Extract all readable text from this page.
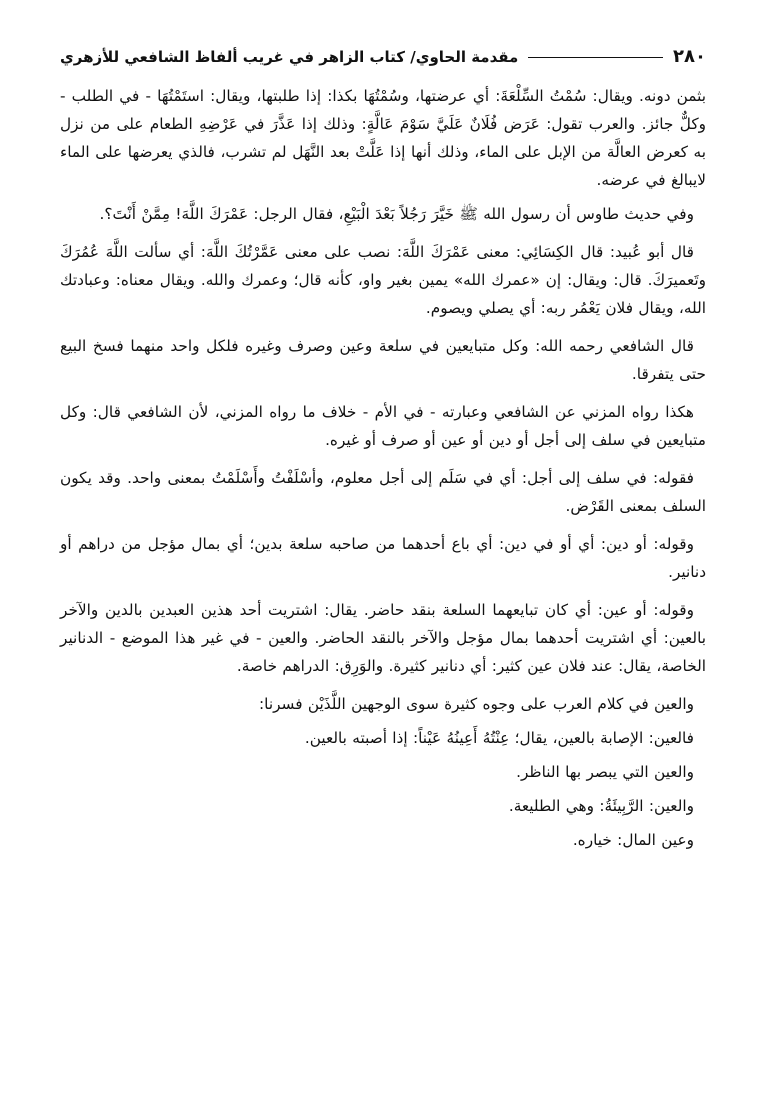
٢٨٠
مقدمة الحاوي/ كتاب الزاهر في غريب ألفاظ الشافعي للأزهري

بثمن دونه. ويقال: سُمْتُ السِّلْعَةَ: أي عرضتها، وسُمْتُهَا بكذا: إذا طلبتها، ويقال: استَمْتُهَا - في الطلب - وكلٌّ جائز. والعرب تقول: عَرَض فُلَانٌ عَلَيَّ سَوْمَ عَالَّةٍ: وذلك إذا عَذَّرَ في عَرْضِهِ الطعام على من نزل به كعرض العالَّة من الإبل على الماء، وذلك أنها إذا عَلَّتْ بعد النَّهَل لم تشرب، فالذي يعرضها على الماء لايبالغ في عرضه.

وفي حديث طاوس أن رسول الله ﷺ خَيَّرَ رَجُلاً بَعْدَ الْبَيْعِ، فقال الرجل: عَمْرَكَ اللَّهَ! مِمَّنْ أَنْتَ؟.

قال أبو عُبيد: قال الكِسَائِي: معنى عَمْرَكَ اللَّهَ: نصب على معنى عَمَّرْتُكَ اللَّهَ: أي سألت اللَّهَ عُمُرَكَ وتَعميرَكَ. قال: ويقال: إن «عمرك الله» يمين بغير واو، كأنه قال؛ وعمرك والله. ويقال معناه: وعبادتك الله، ويقال فلان يَعْمُر ربه: أي يصلي ويصوم.

قال الشافعي رحمه الله: وكل متبايعين في سلعة وعين وصرف وغيره فلكل واحد منهما فسخ البيع حتى يتفرقا.

هكذا رواه المزني عن الشافعي وعبارته - في الأم - خلاف ما رواه المزني، لأن الشافعي قال: وكل متبايعين في سلف إلى أجل أو دين أو عين أو صرف أو غيره.

فقوله: في سلف إلى أجل: أي في سَلَم إلى أجل معلوم، وأسْلَفْتُ وأَسْلَمْتُ بمعنى واحد. وقد يكون السلف بمعنى القَرْض.

وقوله: أو دين: أي أو في دين: أي باع أحدهما من صاحبه سلعة بدين؛ أي بمال مؤجل من دراهم أو دنانير.

وقوله: أو عين: أي كان تبايعهما السلعة بنقد حاضر. يقال: اشتريت أحد هذين العبدين بالدين والآخر بالعين: أي اشتريت أحدهما بمال مؤجل والآخر بالنقد الحاضر. والعين - في غير هذا الموضع - الدنانير الخاصة، يقال: عند فلان عين كثير: أي دنانير كثيرة. والوَرِق: الدراهم خاصة.

والعين في كلام العرب على وجوه كثيرة سوى الوجهين اللَّذَيْن فسرنا:

فالعين: الإصابة بالعين، يقال؛ عِنْتُهُ أَعِينُهُ عَيْناً: إذا أصبته بالعين.

والعين التي يبصر بها الناظر.

والعين: الرَّبِيئَةُ: وهي الطليعة.

وعين المال: خياره.
